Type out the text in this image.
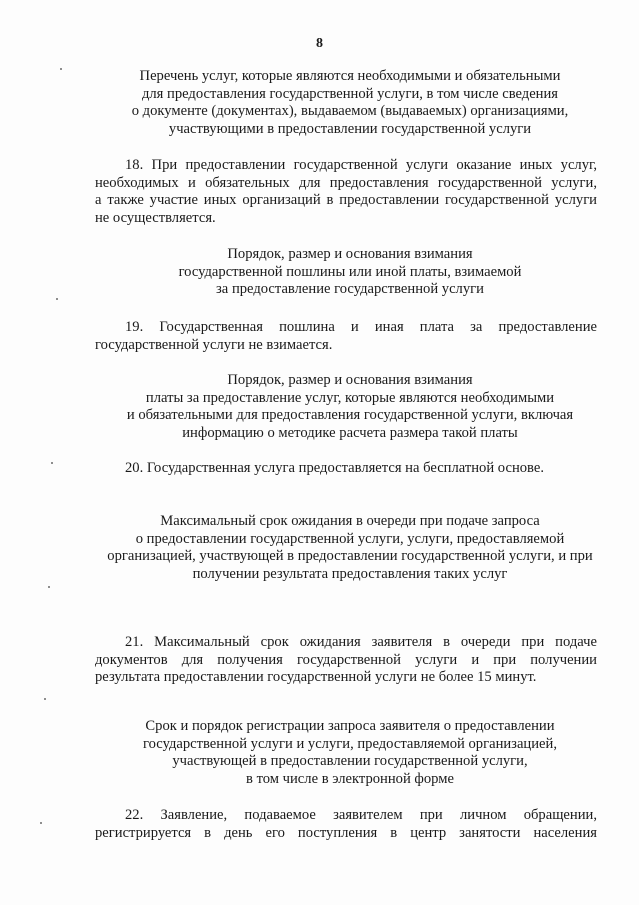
8
Перечень услуг, которые являются необходимыми и обязательными
для предоставления государственной услуги, в том числе сведения
о документе (документах), выдаваемом (выдаваемых) организациями,
участвующими в предоставлении государственной услуги
18. При предоставлении государственной услуги оказание иных услуг,
необходимых и обязательных для предоставления государственной услуги,
а также участие иных организаций в предоставлении государственной услуги
не осуществляется.
Порядок, размер и основания взимания
государственной пошлины или иной платы, взимаемой
за предоставление государственной услуги
19. Государственная пошлина и иная плата за предоставление
государственной услуги не взимается.
Порядок, размер и основания взимания
платы за предоставление услуг, которые являются необходимыми
и обязательными для предоставления государственной услуги, включая
информацию о методике расчета размера такой платы
20. Государственная услуга предоставляется на бесплатной основе.
Максимальный срок ожидания в очереди при подаче запроса
о предоставлении государственной услуги, услуги, предоставляемой
организацией, участвующей в предоставлении государственной услуги, и при
получении результата предоставления таких услуг
21. Максимальный срок ожидания заявителя в очереди при подаче
документов для получения государственной услуги и при получении
результата предоставлении государственной услуги не более 15 минут.
Срок и порядок регистрации запроса заявителя о предоставлении
государственной услуги и услуги, предоставляемой организацией,
участвующей в предоставлении государственной услуги,
в том числе в электронной форме
22. Заявление, подаваемое заявителем при личном обращении,
регистрируется в день его поступления в центр занятости населения
